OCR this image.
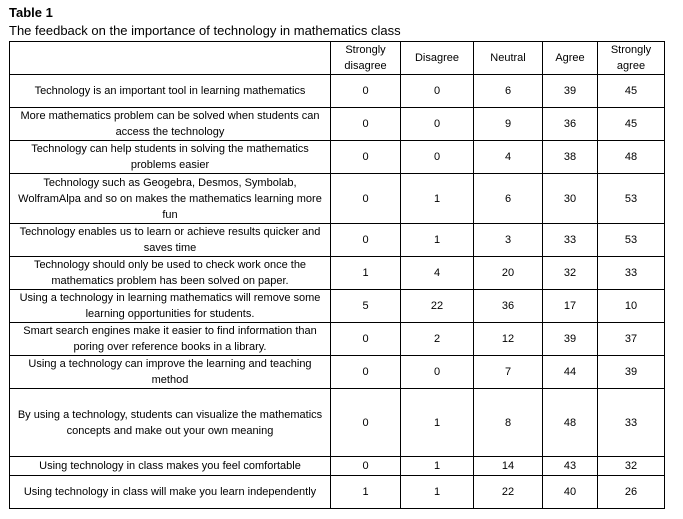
Table 1
The feedback on the importance of technology in mathematics class
	Strongly disagree	Disagree	Neutral	Agree	Strongly agree
Technology is an important tool in learning mathematics	0	0	6	39	45
More mathematics problem can be solved when students can access the technology	0	0	9	36	45
Technology can help students in solving the mathematics problems easier	0	0	4	38	48
Technology such as Geogebra, Desmos, Symbolab, WolframAlpa and so on makes the mathematics learning more fun	0	1	6	30	53
Technology enables us to learn or achieve results quicker and saves time	0	1	3	33	53
Technology should only be used to check work once the mathematics problem has been solved on paper.	1	4	20	32	33
Using a technology in learning mathematics will remove some learning opportunities for students.	5	22	36	17	10
Smart search engines make it easier to find information than poring over reference books in a library.	0	2	12	39	37
Using a technology can improve the learning and teaching method	0	0	7	44	39
By using a technology, students can visualize the mathematics concepts and make out your own meaning	0	1	8	48	33
Using technology in class makes you feel comfortable	0	1	14	43	32
Using technology in class will make you learn independently	1	1	22	40	26
